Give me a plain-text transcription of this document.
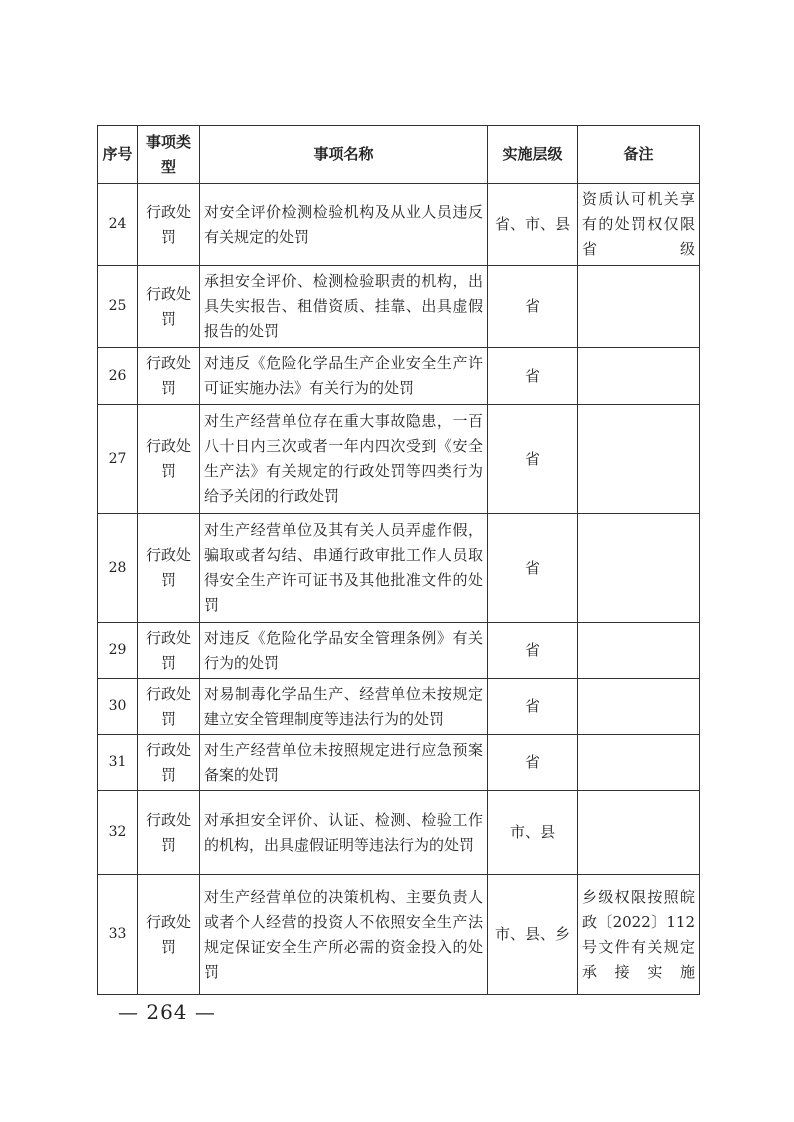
序号	事项类型	事项名称	实施层级	备注
24	行政处罚	对安全评价检测检验机构及从业人员违反有关规定的处罚	省、市、县	资质认可机关享有的处罚权仅限省级
25	行政处罚	承担安全评价、检测检验职责的机构，出具失实报告、租借资质、挂靠、出具虚假报告的处罚	省	
26	行政处罚	对违反《危险化学品生产企业安全生产许可证实施办法》有关行为的处罚	省	
27	行政处罚	对生产经营单位存在重大事故隐患，一百八十日内三次或者一年内四次受到《安全生产法》有关规定的行政处罚等四类行为给予关闭的行政处罚	省	
28	行政处罚	对生产经营单位及其有关人员弄虚作假，骗取或者勾结、串通行政审批工作人员取得安全生产许可证书及其他批准文件的处罚	省	
29	行政处罚	对违反《危险化学品安全管理条例》有关行为的处罚	省	
30	行政处罚	对易制毒化学品生产、经营单位未按规定建立安全管理制度等违法行为的处罚	省	
31	行政处罚	对生产经营单位未按照规定进行应急预案备案的处罚	省	
32	行政处罚	对承担安全评价、认证、检测、检验工作的机构，出具虚假证明等违法行为的处罚	市、县	
33	行政处罚	对生产经营单位的决策机构、主要负责人或者个人经营的投资人不依照安全生产法规定保证安全生产所必需的资金投入的处罚	市、县、乡	乡级权限按照皖政〔2022〕112号文件有关规定承接实施
— 264 —
